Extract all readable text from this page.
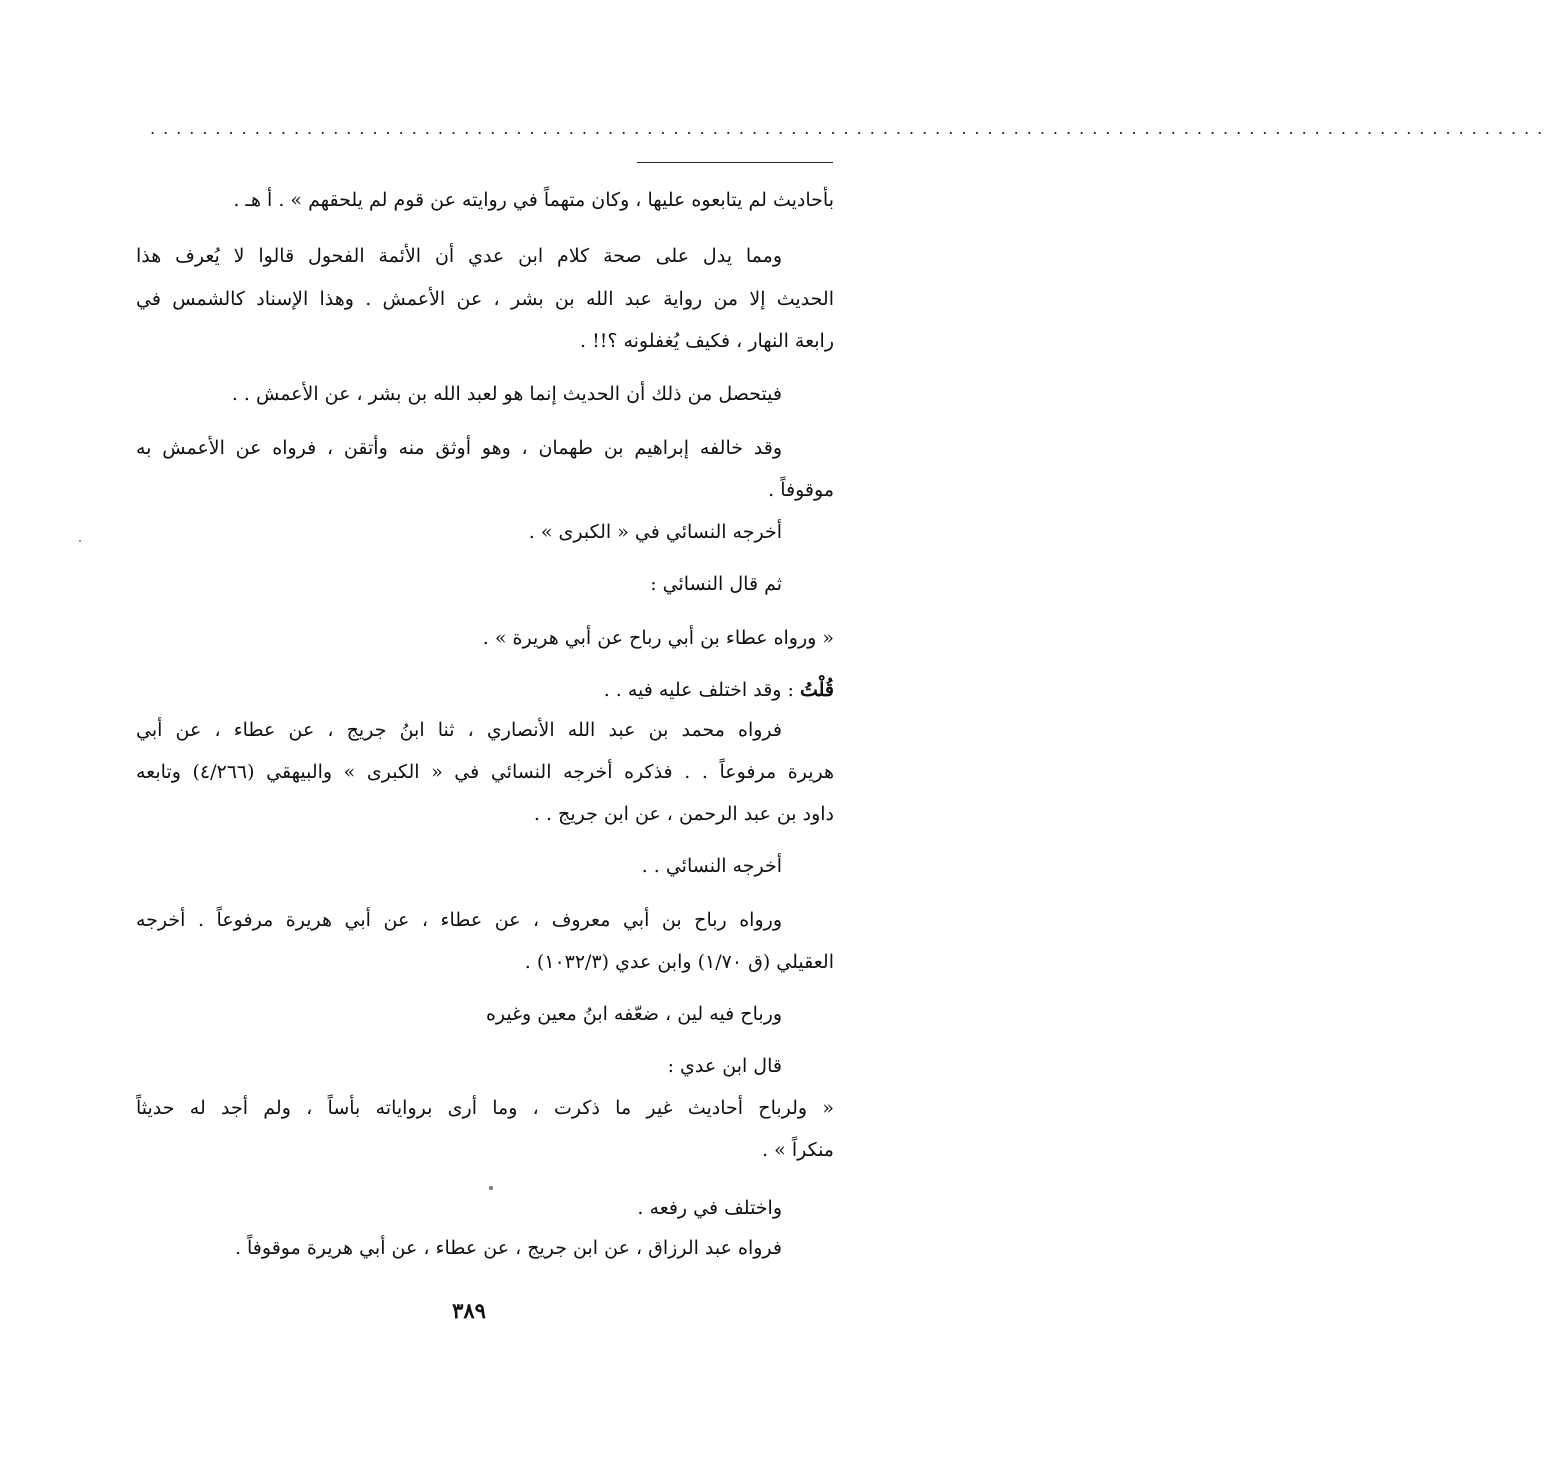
...........................................................................................................
بأحاديث لم يتابعوه عليها ، وكان متهماً في روايته عن قوم لم يلحقهم » . أ هـ .
ومما يدل على صحة كلام ابن عدي أن الأئمة الفحول قالوا لا يُعرف هذا
الحديث إلا من رواية عبد الله بن بشر ، عن الأعمش . وهذا الإسناد كالشمس في
رابعة النهار ، فكيف يُغفلونه ؟!! .
فيتحصل من ذلك أن الحديث إنما هو لعبد الله بن بشر ، عن الأعمش . .
وقد خالفه إبراهيم بن طهمان ، وهو أوثق منه وأتقن ، فرواه عن الأعمش به
موقوفاً .
أخرجه النسائي في « الكبرى » .
ثم قال النسائي :
« ورواه عطاء بن أبي رباح عن أبي هريرة » .
قُلْتُ : وقد اختلف عليه فيه . .
فرواه محمد بن عبد الله الأنصاري ، ثنا ابنُ جريج ، عن عطاء ، عن أبي
هريرة مرفوعاً . . فذكره أخرجه النسائي في « الكبرى » والبيهقي (٤/٢٦٦) وتابعه
داود بن عبد الرحمن ، عن ابن جريج . .
أخرجه النسائي . .
ورواه رباح بن أبي معروف ، عن عطاء ، عن أبي هريرة مرفوعاً . أخرجه
العقيلي (ق ١/٧٠) وابن عدي (١٠٣٢/٣) .
ورباح فيه لين ، ضعّفه ابنُ معين وغيره
قال ابن عدي :
« ولرباح أحاديث غير ما ذكرت ، وما أرى برواياته بأساً ، ولم أجد له حديثاً
منكراً » .
واختلف في رفعه .
فرواه عبد الرزاق ، عن ابن جريج ، عن عطاء ، عن أبي هريرة موقوفاً .
٣٨٩
